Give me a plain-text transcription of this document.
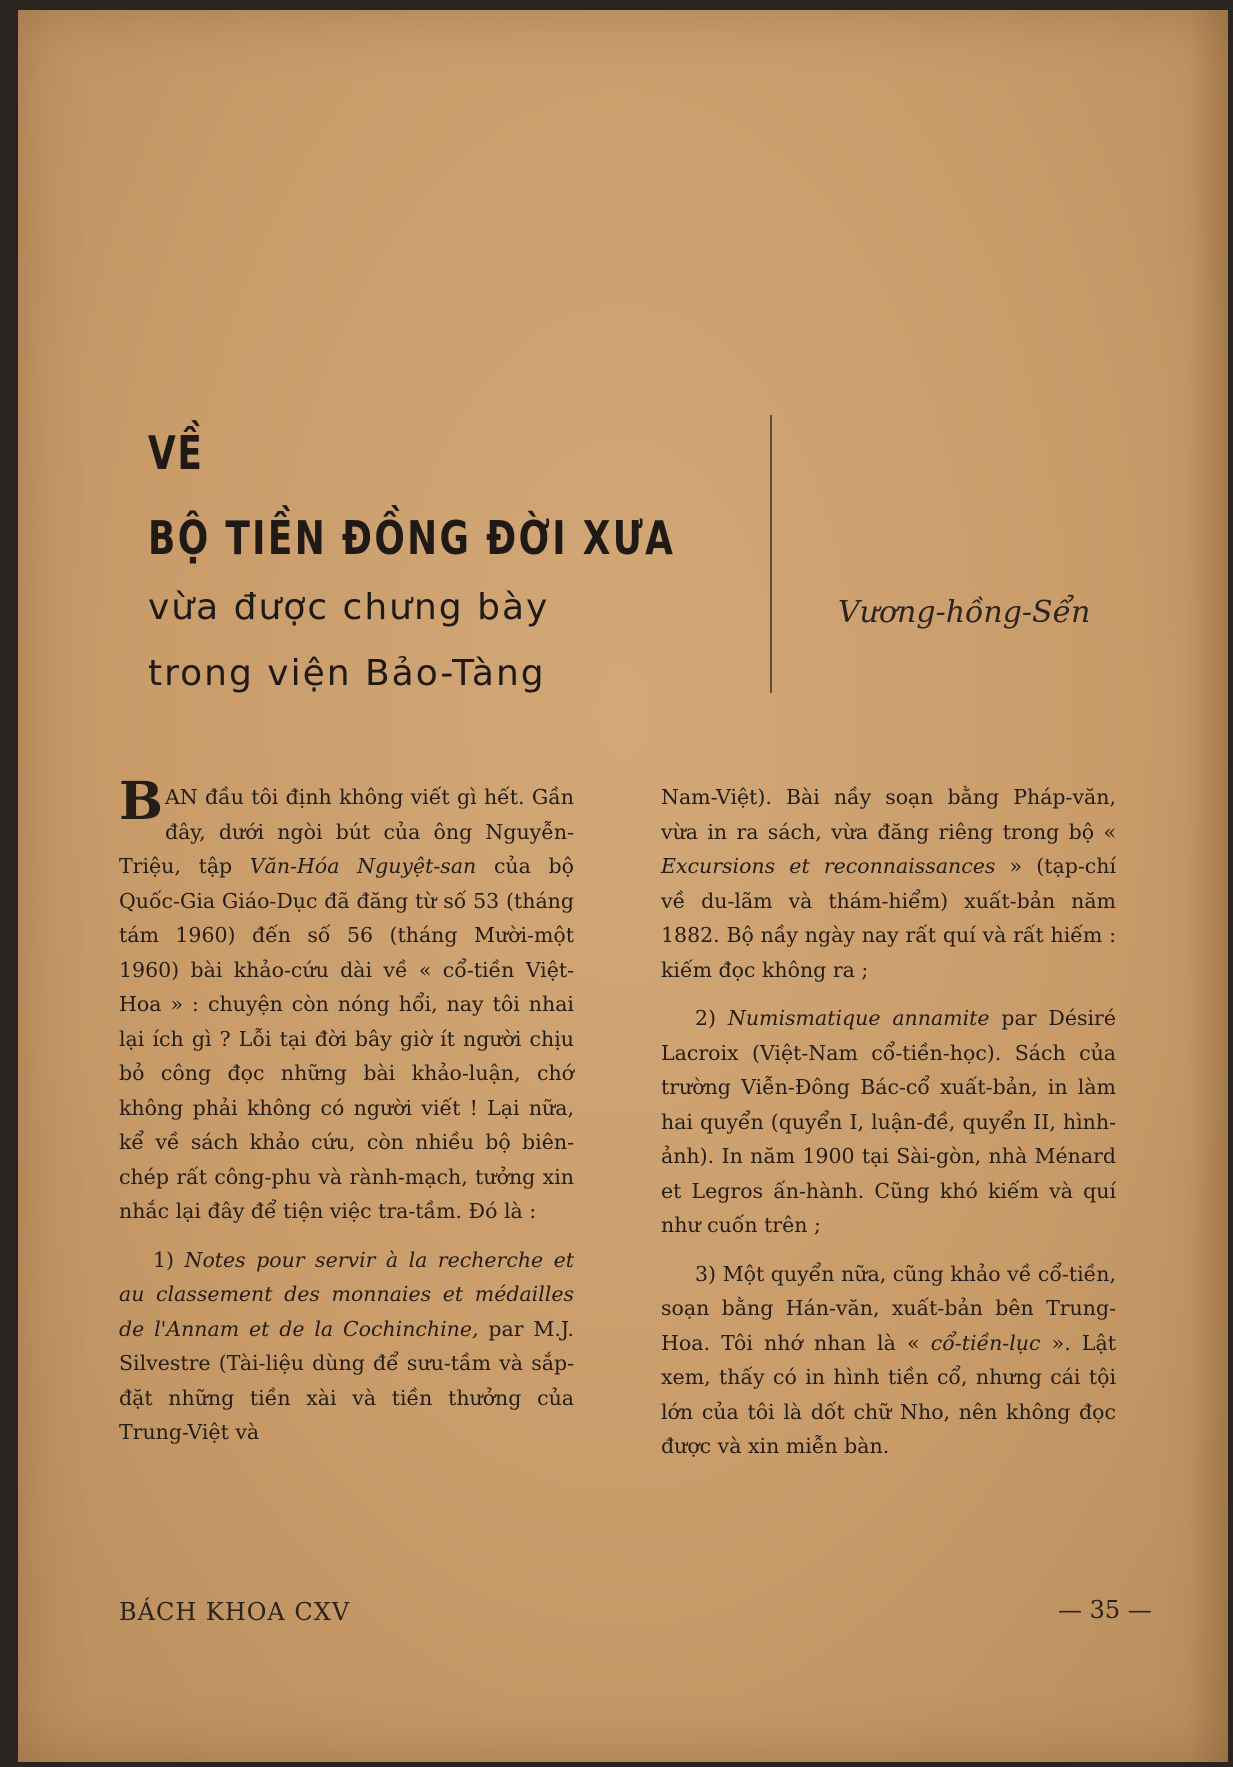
VỀ
BỘ TIỀN ĐỒNG ĐỜI XƯA
vừa được chưng bày
trong viện Bảo-Tàng
Vương-hồng-Sển

BAN đầu tôi định không viết gì hết. Gần đây, dưới ngòi bút của ông Nguyễn-Triệu, tập Văn-Hóa Nguyệt-san của bộ Quốc-Gia Giáo-Dục đã đăng từ số 53 (tháng tám 1960) đến số 56 (tháng Mười-một 1960) bài khảo-cứu dài về « cổ-tiền Việt-Hoa » : chuyện còn nóng hổi, nay tôi nhai lại ích gì ? Lỗi tại đời bây giờ ít người chịu bỏ công đọc những bài khảo-luận, chớ không phải không có người viết ! Lại nữa, kể về sách khảo cứu, còn nhiều bộ biên-chép rất công-phu và rành-mạch, tưởng xin nhắc lại đây để tiện việc tra-tầm. Đó là :

1) Notes pour servir à la recherche et au classement des monnaies et médailles de l'Annam et de la Cochinchine, par M.J. Silvestre (Tài-liệu dùng để sưu-tầm và sắp-đặt những tiền xài và tiền thưởng của Trung-Việt và

Nam-Việt). Bài nầy soạn bằng Pháp-văn, vừa in ra sách, vừa đăng riêng trong bộ « Excursions et reconnaissances » (tạp-chí về du-lãm và thám-hiểm) xuất-bản năm 1882. Bộ nầy ngày nay rất quí và rất hiếm : kiếm đọc không ra ;

2) Numismatique annamite par Désiré Lacroix (Việt-Nam cổ-tiền-học). Sách của trường Viễn-Đông Bác-cổ xuất-bản, in làm hai quyển (quyển I, luận-đề, quyển II, hình-ảnh). In năm 1900 tại Sài-gòn, nhà Ménard et Legros ấn-hành. Cũng khó kiếm và quí như cuốn trên ;

3) Một quyển nữa, cũng khảo về cổ-tiền, soạn bằng Hán-văn, xuất-bản bên Trung-Hoa. Tôi nhớ nhan là « cổ-tiền-lục ». Lật xem, thấy có in hình tiền cổ, nhưng cái tội lớn của tôi là dốt chữ Nho, nên không đọc được và xin miễn bàn.

BÁCH KHOA CXV	— 35 —
